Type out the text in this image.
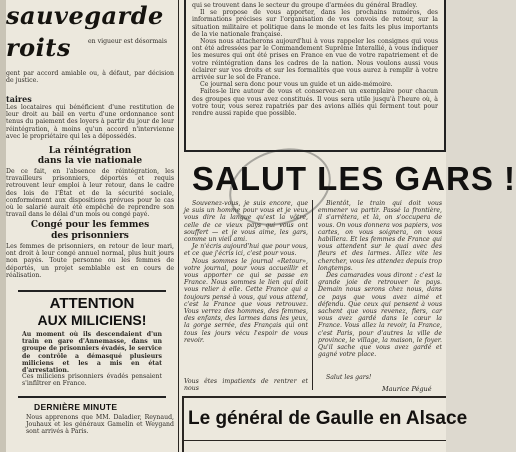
sauvegarde
roits	en vigueur est désormais
gent par accord amiable ou, à défaut, par décision de justice.
taires
Les locataires qui bénéficient d'une restitution de leur droit au bail en vertu d'une ordonnance sont tenus du paiement des loyers à partir du jour de leur réintégration, à moins qu'un accord n'intervienne avec le propriétaire qui les a dépossédés.
La réintégration
dans la vie nationale
De ce fait, en l'absence de réintégration, les travailleurs prisonniers, déportés et requis retrouvent leur emploi à leur retour, dans le cadre des lois de l'État et de la sécurité sociale, conformément aux dispositions prévues pour le cas où le salarié aurait été empêché de reprendre son travail dans le délai d'un mois ou congé payé.
Congé pour les femmes
des prisonniers
Les femmes de prisonniers, en retour de leur mari, ont droit à leur congé annuel normal, plus huit jours non payés. Toute personne ou les femmes de déportés, un projet semblable est en cours de réalisation.
ATTENTION
AUX MILICIENS!
Au moment où ils descendaient d'un train en gare d'Annemasse, dans un groupe de prisonniers évadés, le service de contrôle a démasqué plusieurs miliciens et les a mis en état d'arrestation.
Ces miliciens prisonniers évadés pensaient s'infiltrer en France.
DERNIÈRE MINUTE
Nous apprenons que MM. Daladier, Reynaud, Jouhaux et les généraux Gamelin et Weygand sont arrivés à Paris.
qui se trouvent dans le secteur du groupe d'armées du général Bradley.
Il se propose de vous apporter, dans les prochains numéros, des informations précises sur l'organisation de vos convois de retour, sur la situation militaire et politique dans le monde et les faits les plus importants de la vie nationale française.
Nous nous attacherons aujourd'hui à vous rappeler les consignes qui vous ont été adressées par le Commandement Suprême Interallié, à vous indiquer les mesures qui ont été prises en France en vue de votre rapatriement et de votre réintégration dans les cadres de la nation. Nous voulons aussi vous éclairer sur vos droits et sur les formalités que vous aurez à remplir à votre arrivée sur le sol de France.
Ce journal sera donc pour vous un guide et un aide-mémoire.
Faites-le lire autour de vous et conservez-en un exemplaire pour chacun des groupes que vous avez constitués. Il vous sera utile jusqu'à l'heure où, à votre tour, vous serez rapatriés par des avions alliés qui ferment tout pour rendre aussi rapide que possible.
SALUT LES GARS !
Souvenez-vous, je suis encore, que je suis un homme pour vous et je veux vous dire la langue qu'est la vôtre, celle de ce vieux pays qui vous ont souffert — et je vous aime, les gars, comme un vieil ami.
Je n'écris aujourd'hui que pour vous, et ce que j'écris ici, c'est pour vous.
Nous sommes le journal «Retour», votre journal, pour vous accueillir et vous apporter ce qui se passe en France. Nous sommes le lien qui doit vous relier à elle. Cette France qui a toujours pensé à vous, qui vous attend, c'est la France que vous retrouvez. Vous verrez des hommes, des femmes, des enfants, des larmes dans les yeux, la gorge serrée, des Français qui ont tous les jours vécu l'espoir de vous revoir.
Vous êtes impatients de rentrer et nous
Bientôt, le train qui doit vous emmener va partir. Passé la frontière, il s'arrêtera, et là, on s'occupera de vous. On vous donnera vos papiers, vos cartes, on vous soignera, on vous habillera. Et les femmes de France qui vous attendent sur le quai avec des fleurs et des larmes. Allez vite les chercher, vous les attendez depuis trop longtemps.
Des camarades vous diront : c'est la grande joie de retrouver le pays. Demain nous serons chez nous, dans ce pays que vous avez aimé et défendu. Que ceux qui pensent à vous sachent que vous revenez, fiers, car vous avez gardé dans le cœur la France. Vous allez la revoir, la France, c'est Paris, pour d'autres la ville de province, le village, la maison, le foyer. Qu'il sache que vous avez gardé et gagné votre place.
Salut les gars!
Maurice Pégué
Le général de Gaulle en Alsace
